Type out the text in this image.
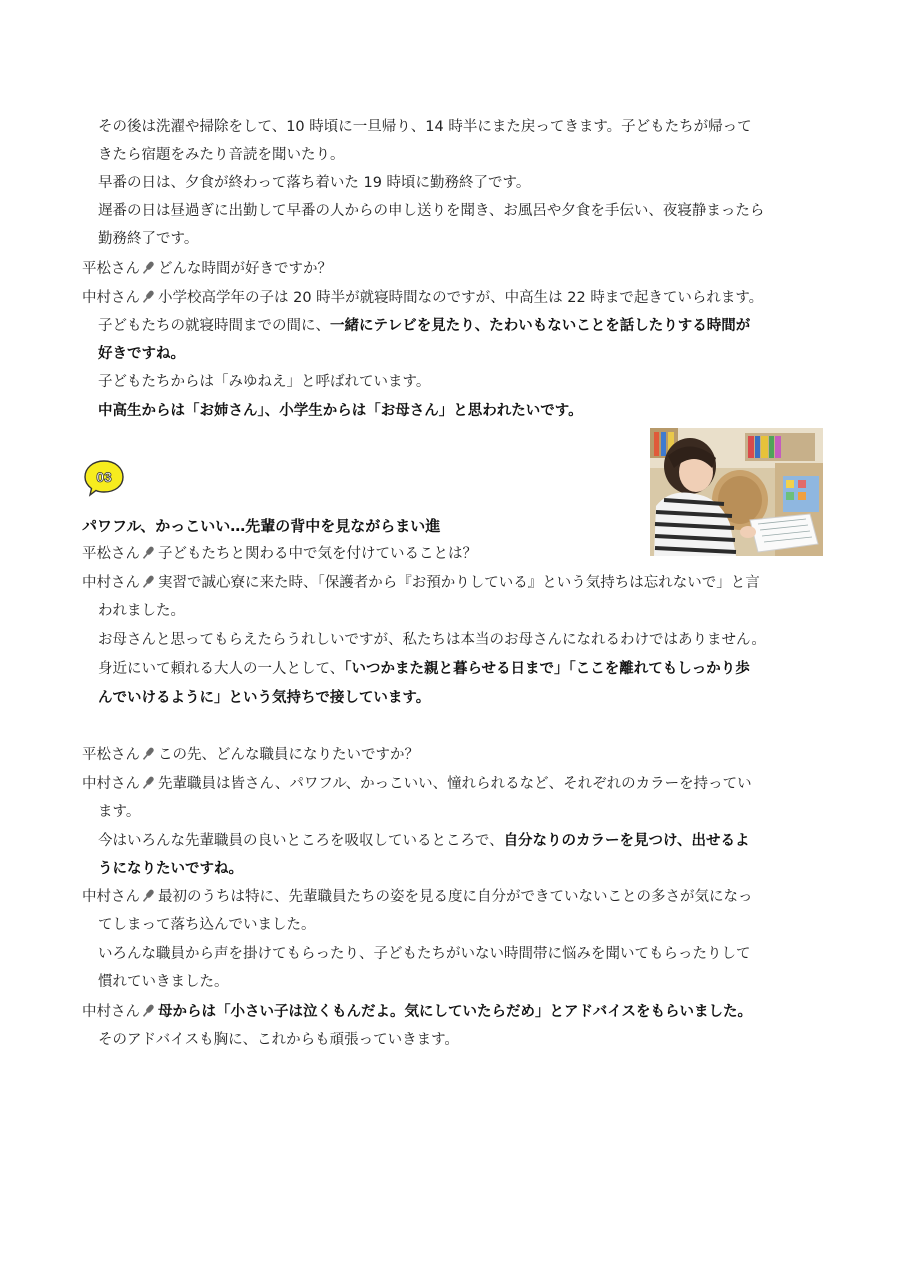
その後は洗濯や掃除をして、10 時頃に一旦帰り、14 時半にまた戻ってきます。子どもたちが帰って
きたら宿題をみたり音読を聞いたり。
早番の日は、夕食が終わって落ち着いた 19 時頃に勤務終了です。
遅番の日は昼過ぎに出勤して早番の人からの申し送りを聞き、お風呂や夕食を手伝い、夜寝静まったら
勤務終了です。
平松さん どんな時間が好きですか？
中村さん 小学校高学年の子は 20 時半が就寝時間なのですが、中高生は 22 時まで起きていられます。
子どもたちの就寝時間までの間に、一緒にテレビを見たり、たわいもないことを話したりする時間が
好きですね。
子どもたちからは「みゆねえ」と呼ばれています。
中高生からは「お姉さん」、小学生からは「お母さん」と思われたいです。
03
パワフル、かっこいい…先輩の背中を見ながらまい進
平松さん 子どもたちと関わる中で気を付けていることは？
中村さん 実習で誠心寮に来た時、「保護者から『お預かりしている』という気持ちは忘れないで」と言
われました。
お母さんと思ってもらえたらうれしいですが、私たちは本当のお母さんになれるわけではありません。
身近にいて頼れる大人の一人として、「いつかまた親と暮らせる日まで」「ここを離れてもしっかり歩
んでいけるように」という気持ちで接しています。
平松さん この先、どんな職員になりたいですか？
中村さん 先輩職員は皆さん、パワフル、かっこいい、憧れられるなど、それぞれのカラーを持ってい
ます。
今はいろんな先輩職員の良いところを吸収しているところで、自分なりのカラーを見つけ、出せるよ
うになりたいですね。
中村さん 最初のうちは特に、先輩職員たちの姿を見る度に自分ができていないことの多さが気になっ
てしまって落ち込んでいました。
いろんな職員から声を掛けてもらったり、子どもたちがいない時間帯に悩みを聞いてもらったりして
慣れていきました。
中村さん 母からは「小さい子は泣くもんだよ。気にしていたらだめ」とアドバイスをもらいました。
そのアドバイスも胸に、これからも頑張っていきます。
